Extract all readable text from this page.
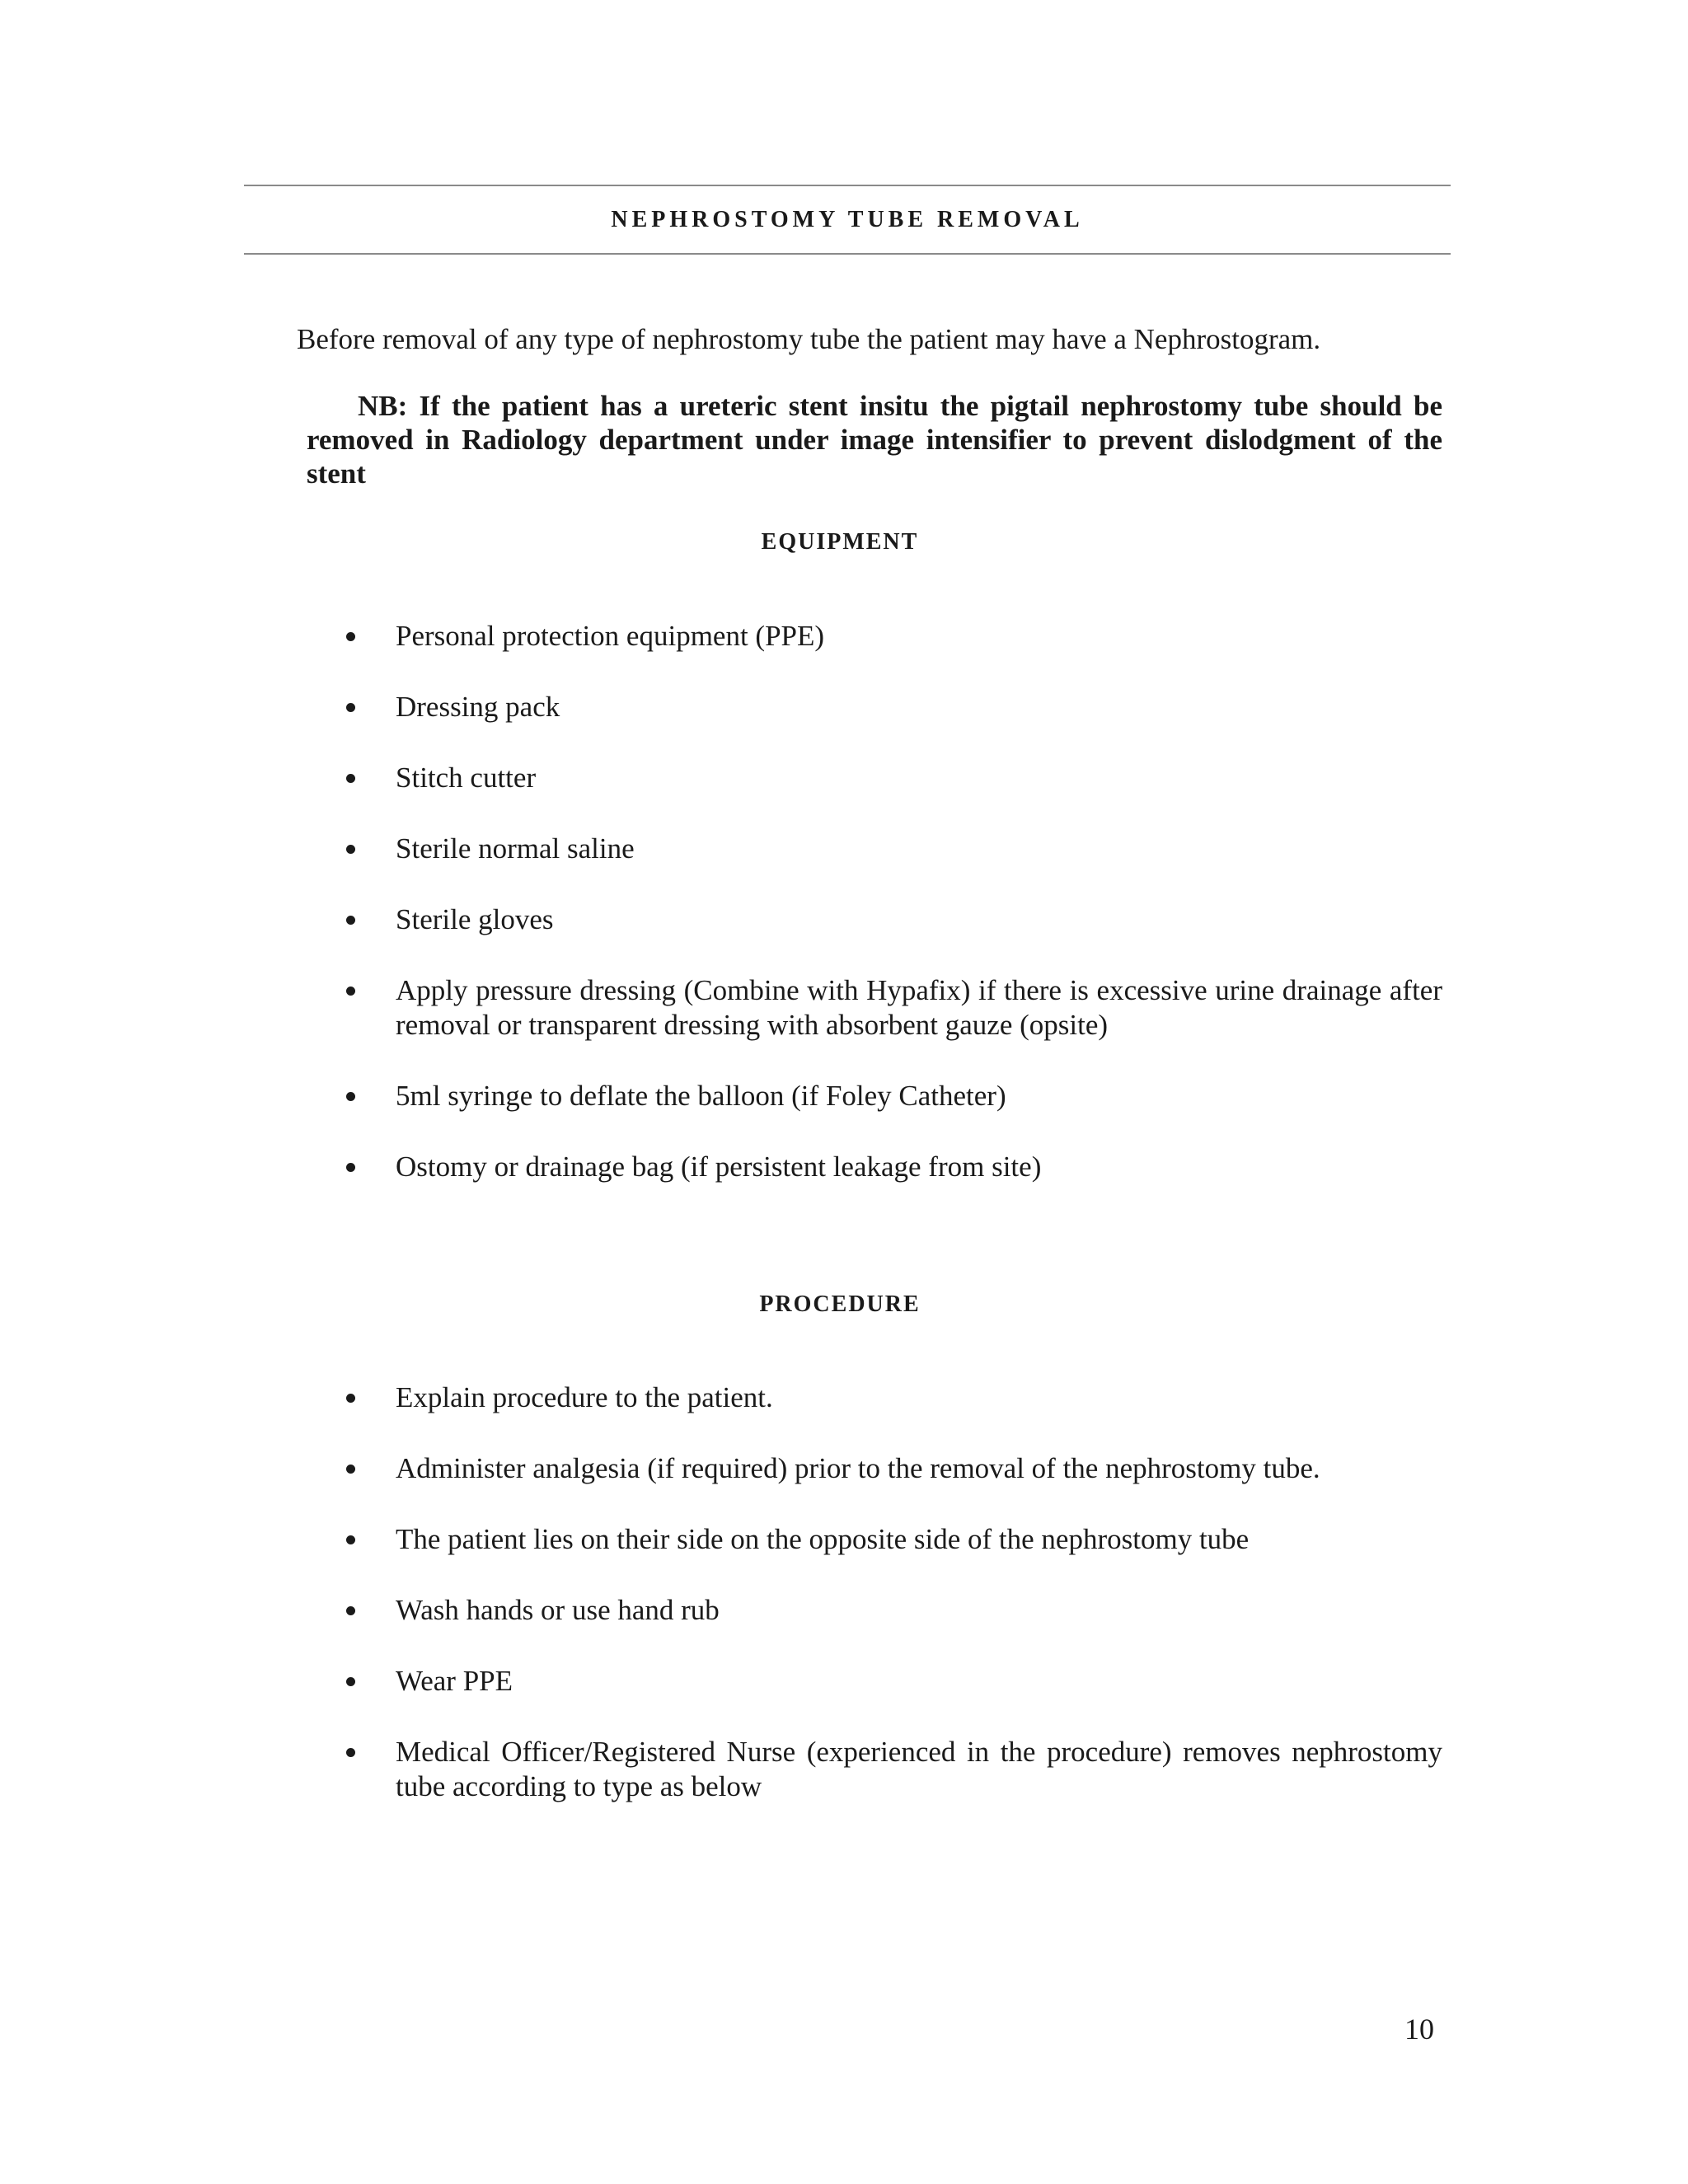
NEPHROSTOMY TUBE REMOVAL
Before removal of any type of nephrostomy tube the patient may have a Nephrostogram.
NB: If the patient has a ureteric stent insitu the pigtail nephrostomy tube should be removed in Radiology department under image intensifier to prevent dislodgment of the stent
EQUIPMENT
Personal protection equipment (PPE)
Dressing pack
Stitch cutter
Sterile normal saline
Sterile gloves
Apply pressure dressing (Combine with Hypafix) if there is excessive urine drainage after removal or transparent dressing with absorbent gauze (opsite)
5ml syringe to deflate the balloon (if Foley Catheter)
Ostomy or drainage bag (if persistent leakage from site)
PROCEDURE
Explain procedure to the patient.
Administer analgesia (if required) prior to the removal of the nephrostomy tube.
The patient lies on their side on the opposite side of the nephrostomy tube
Wash hands or use hand rub
Wear PPE
Medical Officer/Registered Nurse (experienced in the procedure) removes nephrostomy tube according to type as below
10
